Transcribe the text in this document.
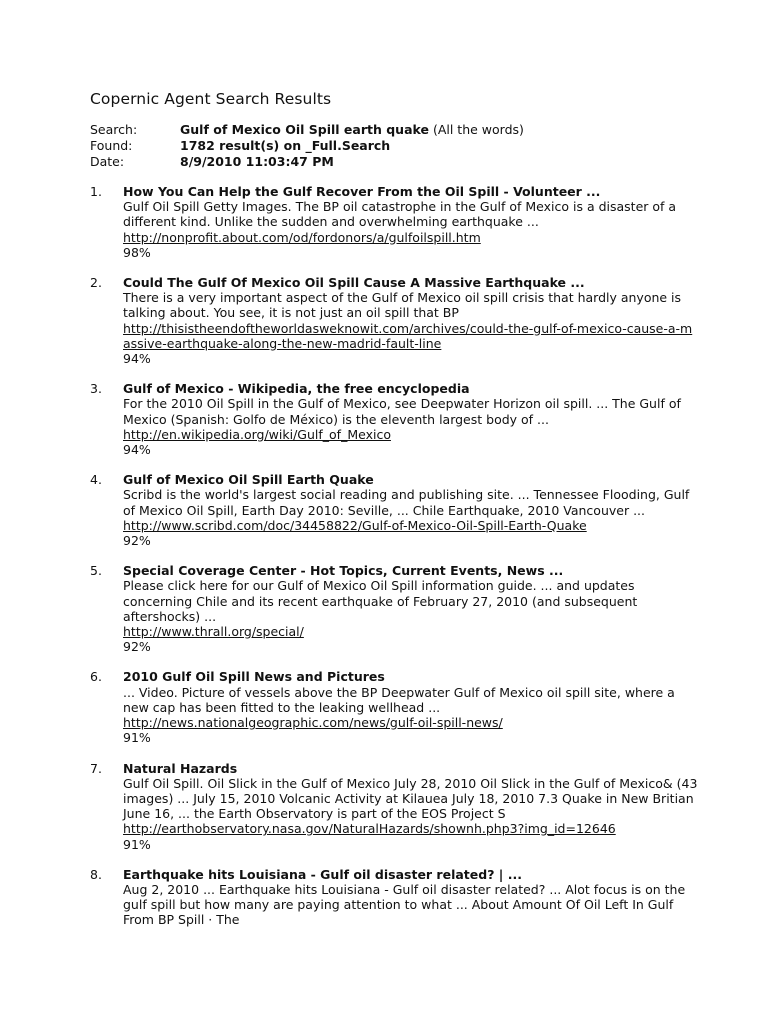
Copernic Agent Search Results
Search:	Gulf of Mexico Oil Spill earth quake (All the words)
Found:	1782 result(s) on _Full.Search
Date:	8/9/2010 11:03:47 PM
1.	How You Can Help the Gulf Recover From the Oil Spill - Volunteer ...
Gulf Oil Spill Getty Images. The BP oil catastrophe in the Gulf of Mexico is a disaster of a different kind. Unlike the sudden and overwhelming earthquake ...
http://nonprofit.about.com/od/fordonors/a/gulfoilspill.htm
98%
2.	Could The Gulf Of Mexico Oil Spill Cause A Massive Earthquake ...
There is a very important aspect of the Gulf of Mexico oil spill crisis that hardly anyone is talking about. You see, it is not just an oil spill that BP
http://thisistheendoftheworldasweknowit.com/archives/could-the-gulf-of-mexico-cause-a-massive-earthquake-along-the-new-madrid-fault-line
94%
3.	Gulf of Mexico - Wikipedia, the free encyclopedia
For the 2010 Oil Spill in the Gulf of Mexico, see Deepwater Horizon oil spill. ... The Gulf of Mexico (Spanish: Golfo de México) is the eleventh largest body of ...
http://en.wikipedia.org/wiki/Gulf_of_Mexico
94%
4.	Gulf of Mexico Oil Spill Earth Quake
Scribd is the world's largest social reading and publishing site. ... Tennessee Flooding, Gulf of Mexico Oil Spill, Earth Day 2010: Seville, ... Chile Earthquake, 2010 Vancouver ...
http://www.scribd.com/doc/34458822/Gulf-of-Mexico-Oil-Spill-Earth-Quake
92%
5.	Special Coverage Center - Hot Topics, Current Events, News ...
Please click here for our Gulf of Mexico Oil Spill information guide. ... and updates concerning Chile and its recent earthquake of February 27, 2010 (and subsequent aftershocks) ...
http://www.thrall.org/special/
92%
6.	2010 Gulf Oil Spill News and Pictures
... Video. Picture of vessels above the BP Deepwater Gulf of Mexico oil spill site, where a new cap has been fitted to the leaking wellhead ...
http://news.nationalgeographic.com/news/gulf-oil-spill-news/
91%
7.	Natural Hazards
Gulf Oil Spill. Oil Slick in the Gulf of Mexico July 28, 2010 Oil Slick in the Gulf of Mexico& (43 images) ... July 15, 2010 Volcanic Activity at Kilauea July 18, 2010 7.3 Quake in New Britian June 16, ... the Earth Observatory is part of the EOS Project S
http://earthobservatory.nasa.gov/NaturalHazards/shownh.php3?img_id=12646
91%
8.	Earthquake hits Louisiana - Gulf oil disaster related? | ...
Aug 2, 2010 ... Earthquake hits Louisiana - Gulf oil disaster related? ... Alot focus is on the gulf spill but how many are paying attention to what ... About Amount Of Oil Left In Gulf From BP Spill · The
